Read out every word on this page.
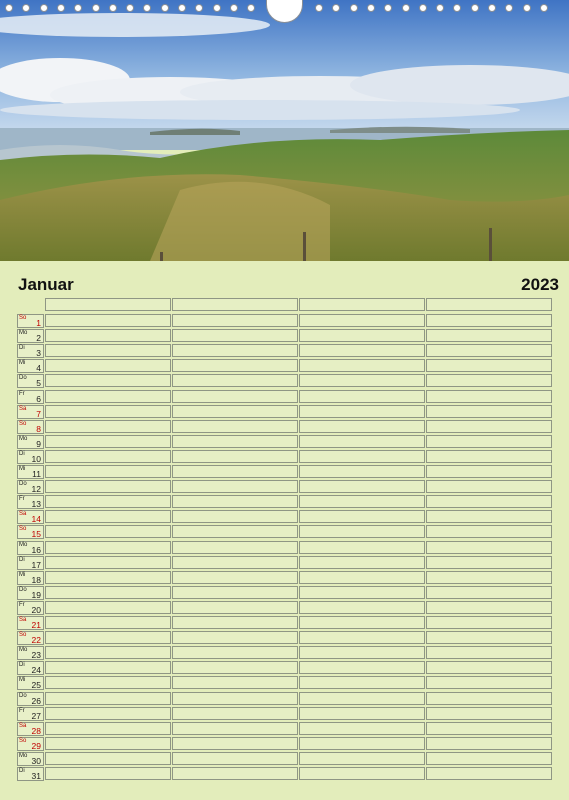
Januar	2023
So 1
Mo 2
Di 3
Mi 4
Do 5
Fr 6
Sa 7
So 8
Mo 9
Di 10
Mi 11
Do 12
Fr 13
Sa 14
So 15
Mo 16
Di 17
Mi 18
Do 19
Fr 20
Sa 21
So 22
Mo 23
Di 24
Mi 25
Do 26
Fr 27
Sa 28
So 29
Mo 30
Di 31
